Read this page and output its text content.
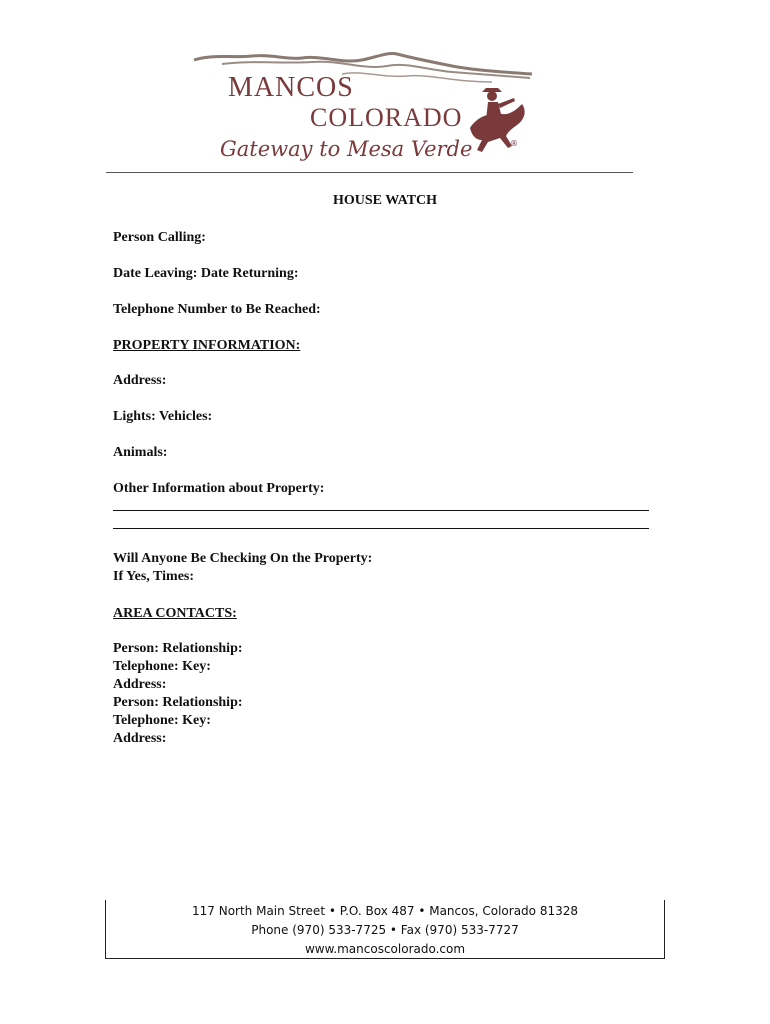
MANCOS
COLORADO
Gateway to Mesa Verde	®
HOUSE WATCH
Person Calling:
Date Leaving: Date Returning:
Telephone Number to Be Reached:
PROPERTY INFORMATION:
Address:
Lights: Vehicles:
Animals:
Other Information about Property:
Will Anyone Be Checking On the Property:
If Yes, Times:
AREA CONTACTS:
Person: Relationship:
Telephone: Key:
Address:
Person: Relationship:
Telephone: Key:
Address:
117 North Main Street • P.O. Box 487 • Mancos, Colorado 81328
Phone (970) 533-7725 • Fax (970) 533-7727
www.mancoscolorado.com
